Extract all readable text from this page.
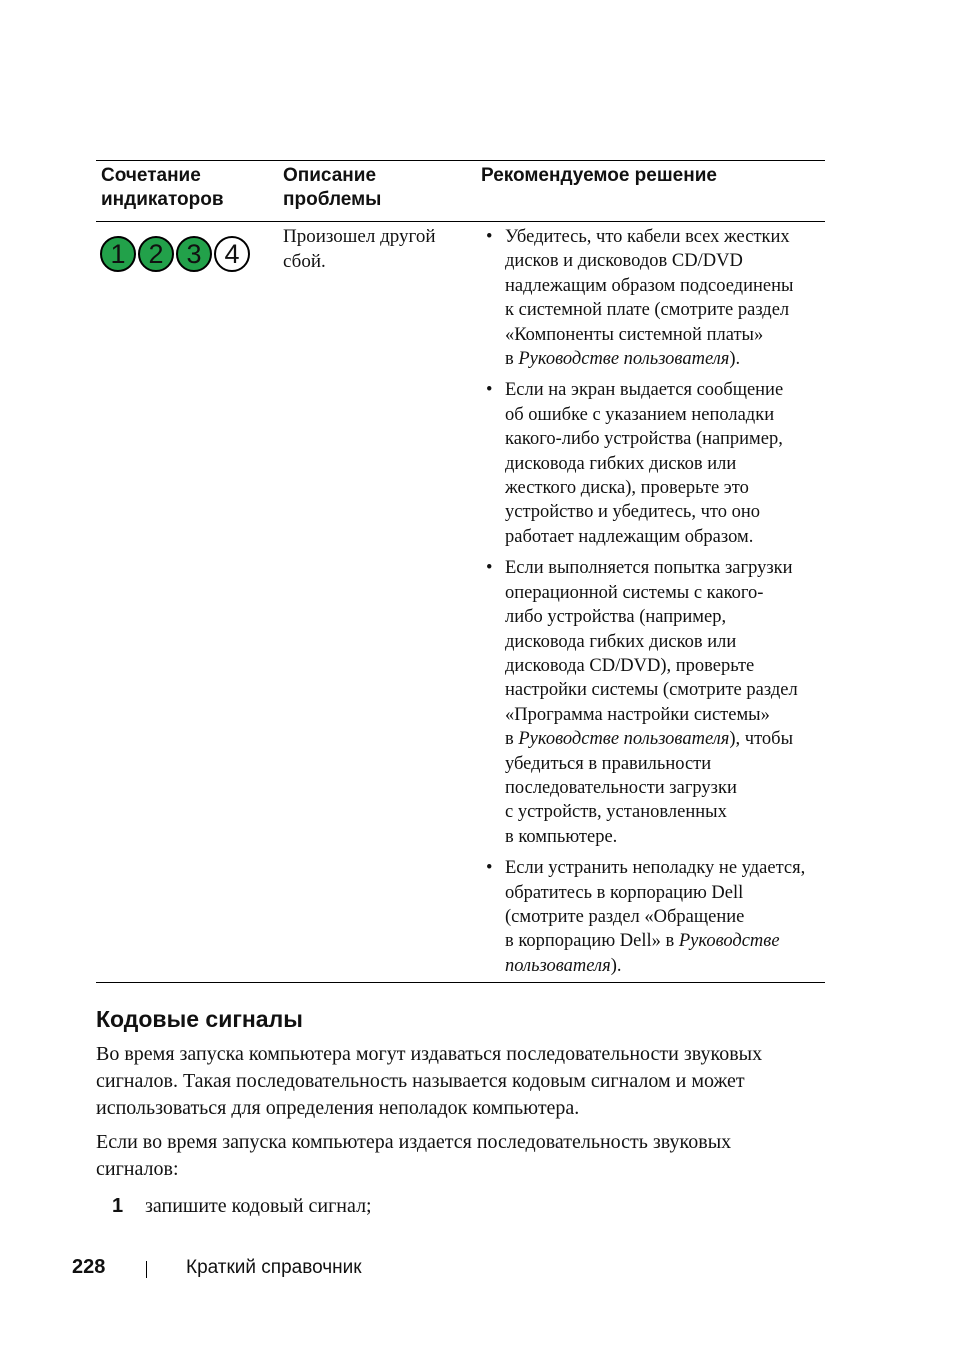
Сочетание
индикаторов
Описание
проблемы
Рекомендуемое решение
1 2 3 4
Произошел другой
сбой.
• Убедитесь, что кабели всех жестких
дисков и дисководов CD/DVD
надлежащим образом подсоединены
к системной плате (смотрите раздел
«Компоненты системной платы»
в Руководстве пользователя).
• Если на экран выдается сообщение
об ошибке с указанием неполадки
какого-либо устройства (например,
дисковода гибких дисков или
жесткого диска), проверьте это
устройство и убедитесь, что оно
работает надлежащим образом.
• Если выполняется попытка загрузки
операционной системы с какого-
либо устройства (например,
дисковода гибких дисков или
дисковода CD/DVD), проверьте
настройки системы (смотрите раздел
«Программа настройки системы»
в Руководстве пользователя), чтобы
убедиться в правильности
последовательности загрузки
с устройств, установленных
в компьютере.
• Если устранить неполадку не удается,
обратитесь в корпорацию Dell
(смотрите раздел «Обращение
в корпорацию Dell» в Руководстве
пользователя).
Кодовые сигналы
Во время запуска компьютера могут издаваться последовательности звуковых
сигналов. Такая последовательность называется кодовым сигналом и может
использоваться для определения неполадок компьютера.
Если во время запуска компьютера издается последовательность звуковых
сигналов:
1 запишите кодовый сигнал;
228	Краткий справочник
